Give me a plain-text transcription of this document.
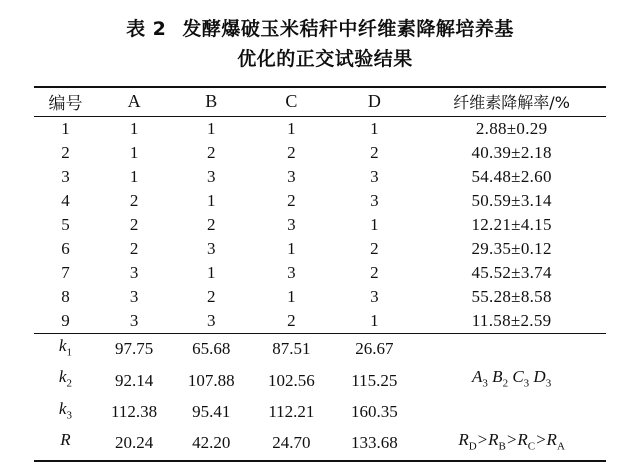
表 2 发酵爆破玉米秸秆中纤维素降解培养基
优化的正交试验结果
编号	A	B	C	D	纤维素降解率/%
1	1	1	1	1	2.88±0.29
2	1	2	2	2	40.39±2.18
3	1	3	3	3	54.48±2.60
4	2	1	2	3	50.59±3.14
5	2	2	3	1	12.21±4.15
6	2	3	1	2	29.35±0.12
7	3	1	3	2	45.52±3.74
8	3	2	1	3	55.28±8.58
9	3	3	2	1	11.58±2.59
$k_1$	97.75	65.68	87.51	26.67	
$k_2$	92.14	107.88	102.56	115.25	$A_3$ $B_2$ $C_3$ $D_3$
$k_3$	112.38	95.41	112.21	160.35	
R	20.24	42.20	24.70	133.68	$R_D>R_B>R_C>R_A$
